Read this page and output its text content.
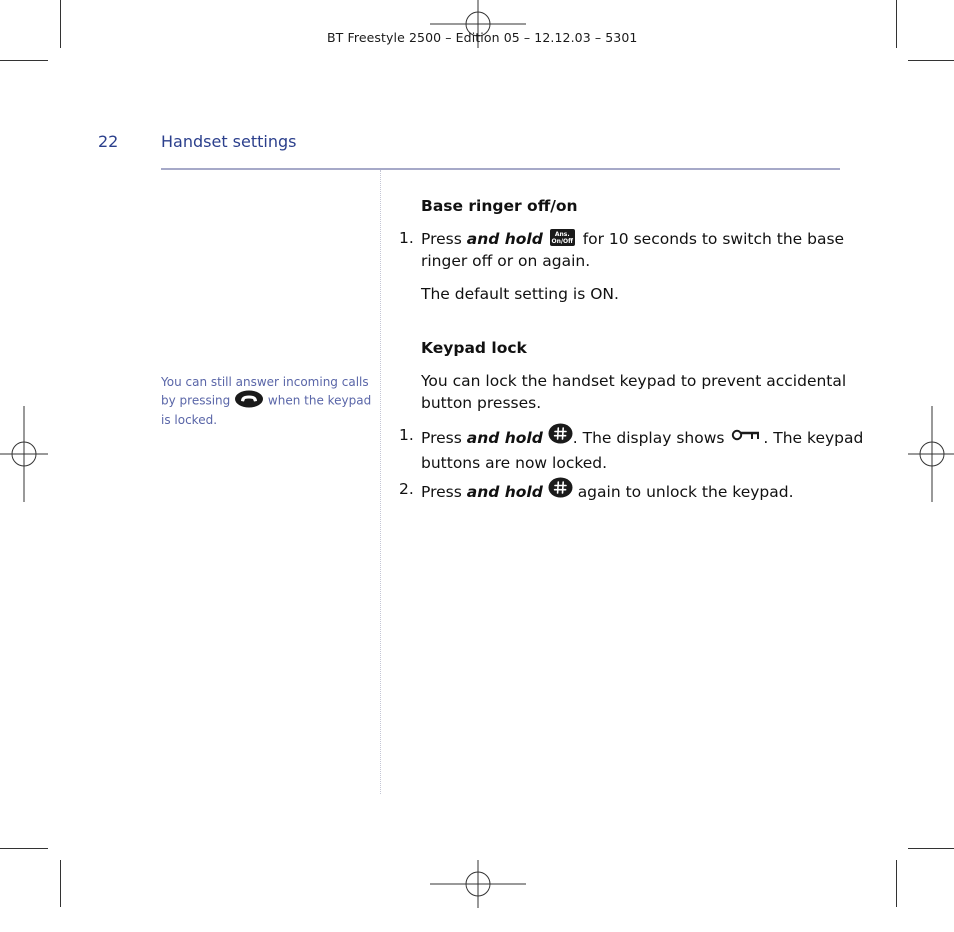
BT Freestyle 2500 – Edition 05 – 12.12.03 – 5301
22	Handset settings
You can still answer incoming calls
by pressing	when the keypad
is locked.
Base ringer off/on
1. Press and hold Ans.
On/Off for 10 seconds to switch the base
ringer off or on again.
The default setting is ON.
Keypad lock
You can lock the handset keypad to prevent accidental
button presses.
1. Press and hold . The display shows	. The keypad
buttons are now locked.
2. Press and hold again to unlock the keypad.
